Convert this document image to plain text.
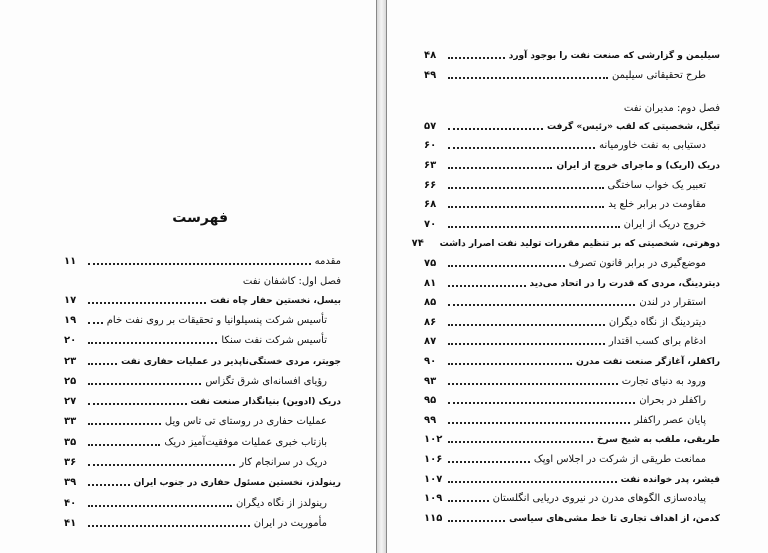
فهرست
مقدمه
۱۱
فصل اول: کاشفان نفت
بیسل، نخستین حفار چاه نفت
۱۷
تأسیس شرکت پنسیلوانیا و تحقیقات بر روی نفت خام
۱۹
تأسیس شرکت نفت سنکا
۲۰
جویتر، مردی خستگی‌ناپذیر در عملیات حفاری نفت
۲۳
رؤیای افسانه‌ای شرق تگزاس
۲۵
دریک (ادوین) بنیانگذار صنعت نفت
۲۷
عملیات حفاری در روستای تی تاس ویل
۳۳
بازتاب خبری عملیات موفقیت‌آمیز دریک
۳۵
دریک در سرانجام کار
۳۶
رینولدز، نخستین مسئول حفاری در جنوب ایران
۳۹
رینولدز از نگاه دیگران
۴۰
مأموریت در ایران
۴۱
سیلیمن و گزارشی که صنعت نفت را بوجود آورد
۴۸
طرح تحقیقاتی سیلیمن
۴۹
فصل دوم: مدیران نفت
تیگل، شخصیتی که لقب «رئیس» گرفت
۵۷
دستیابی به نفت خاورمیانه
۶۰
دریک (اریک) و ماجرای خروج از ایران
۶۳
تعبیر یک خواب ساختگی
۶۶
مقاومت در برابر خلع ید
۶۸
خروج دریک از ایران
۷۰
دوهرتی، شخصیتی که بر تنظیم مقررات تولید نفت اصرار داشت
۷۴
موضع‌گیری در برابر قانون تصرف
۷۵
دیتردینگ، مردی که قدرت را در اتحاد می‌دید
۸۱
استقرار در لندن
۸۵
دیتردینگ از نگاه دیگران
۸۶
ادغام برای کسب اقتدار
۸۷
راکفلر، آغازگر صنعت نفت مدرن
۹۰
ورود به دنیای تجارت
۹۳
راکفلر در بحران
۹۵
پایان عصر راکفلر
۹۹
طریقی، ملقب به شیخ سرخ
۱۰۲
ممانعت طریقی از شرکت در اجلاس اوپک
۱۰۶
فیشر، پدر خوانده نفت
۱۰۷
پیاده‌سازی الگوهای مدرن در نیروی دریایی انگلستان
۱۰۹
کدمن، از اهداف تجاری تا خط مشی‌های سیاسی
۱۱۵
